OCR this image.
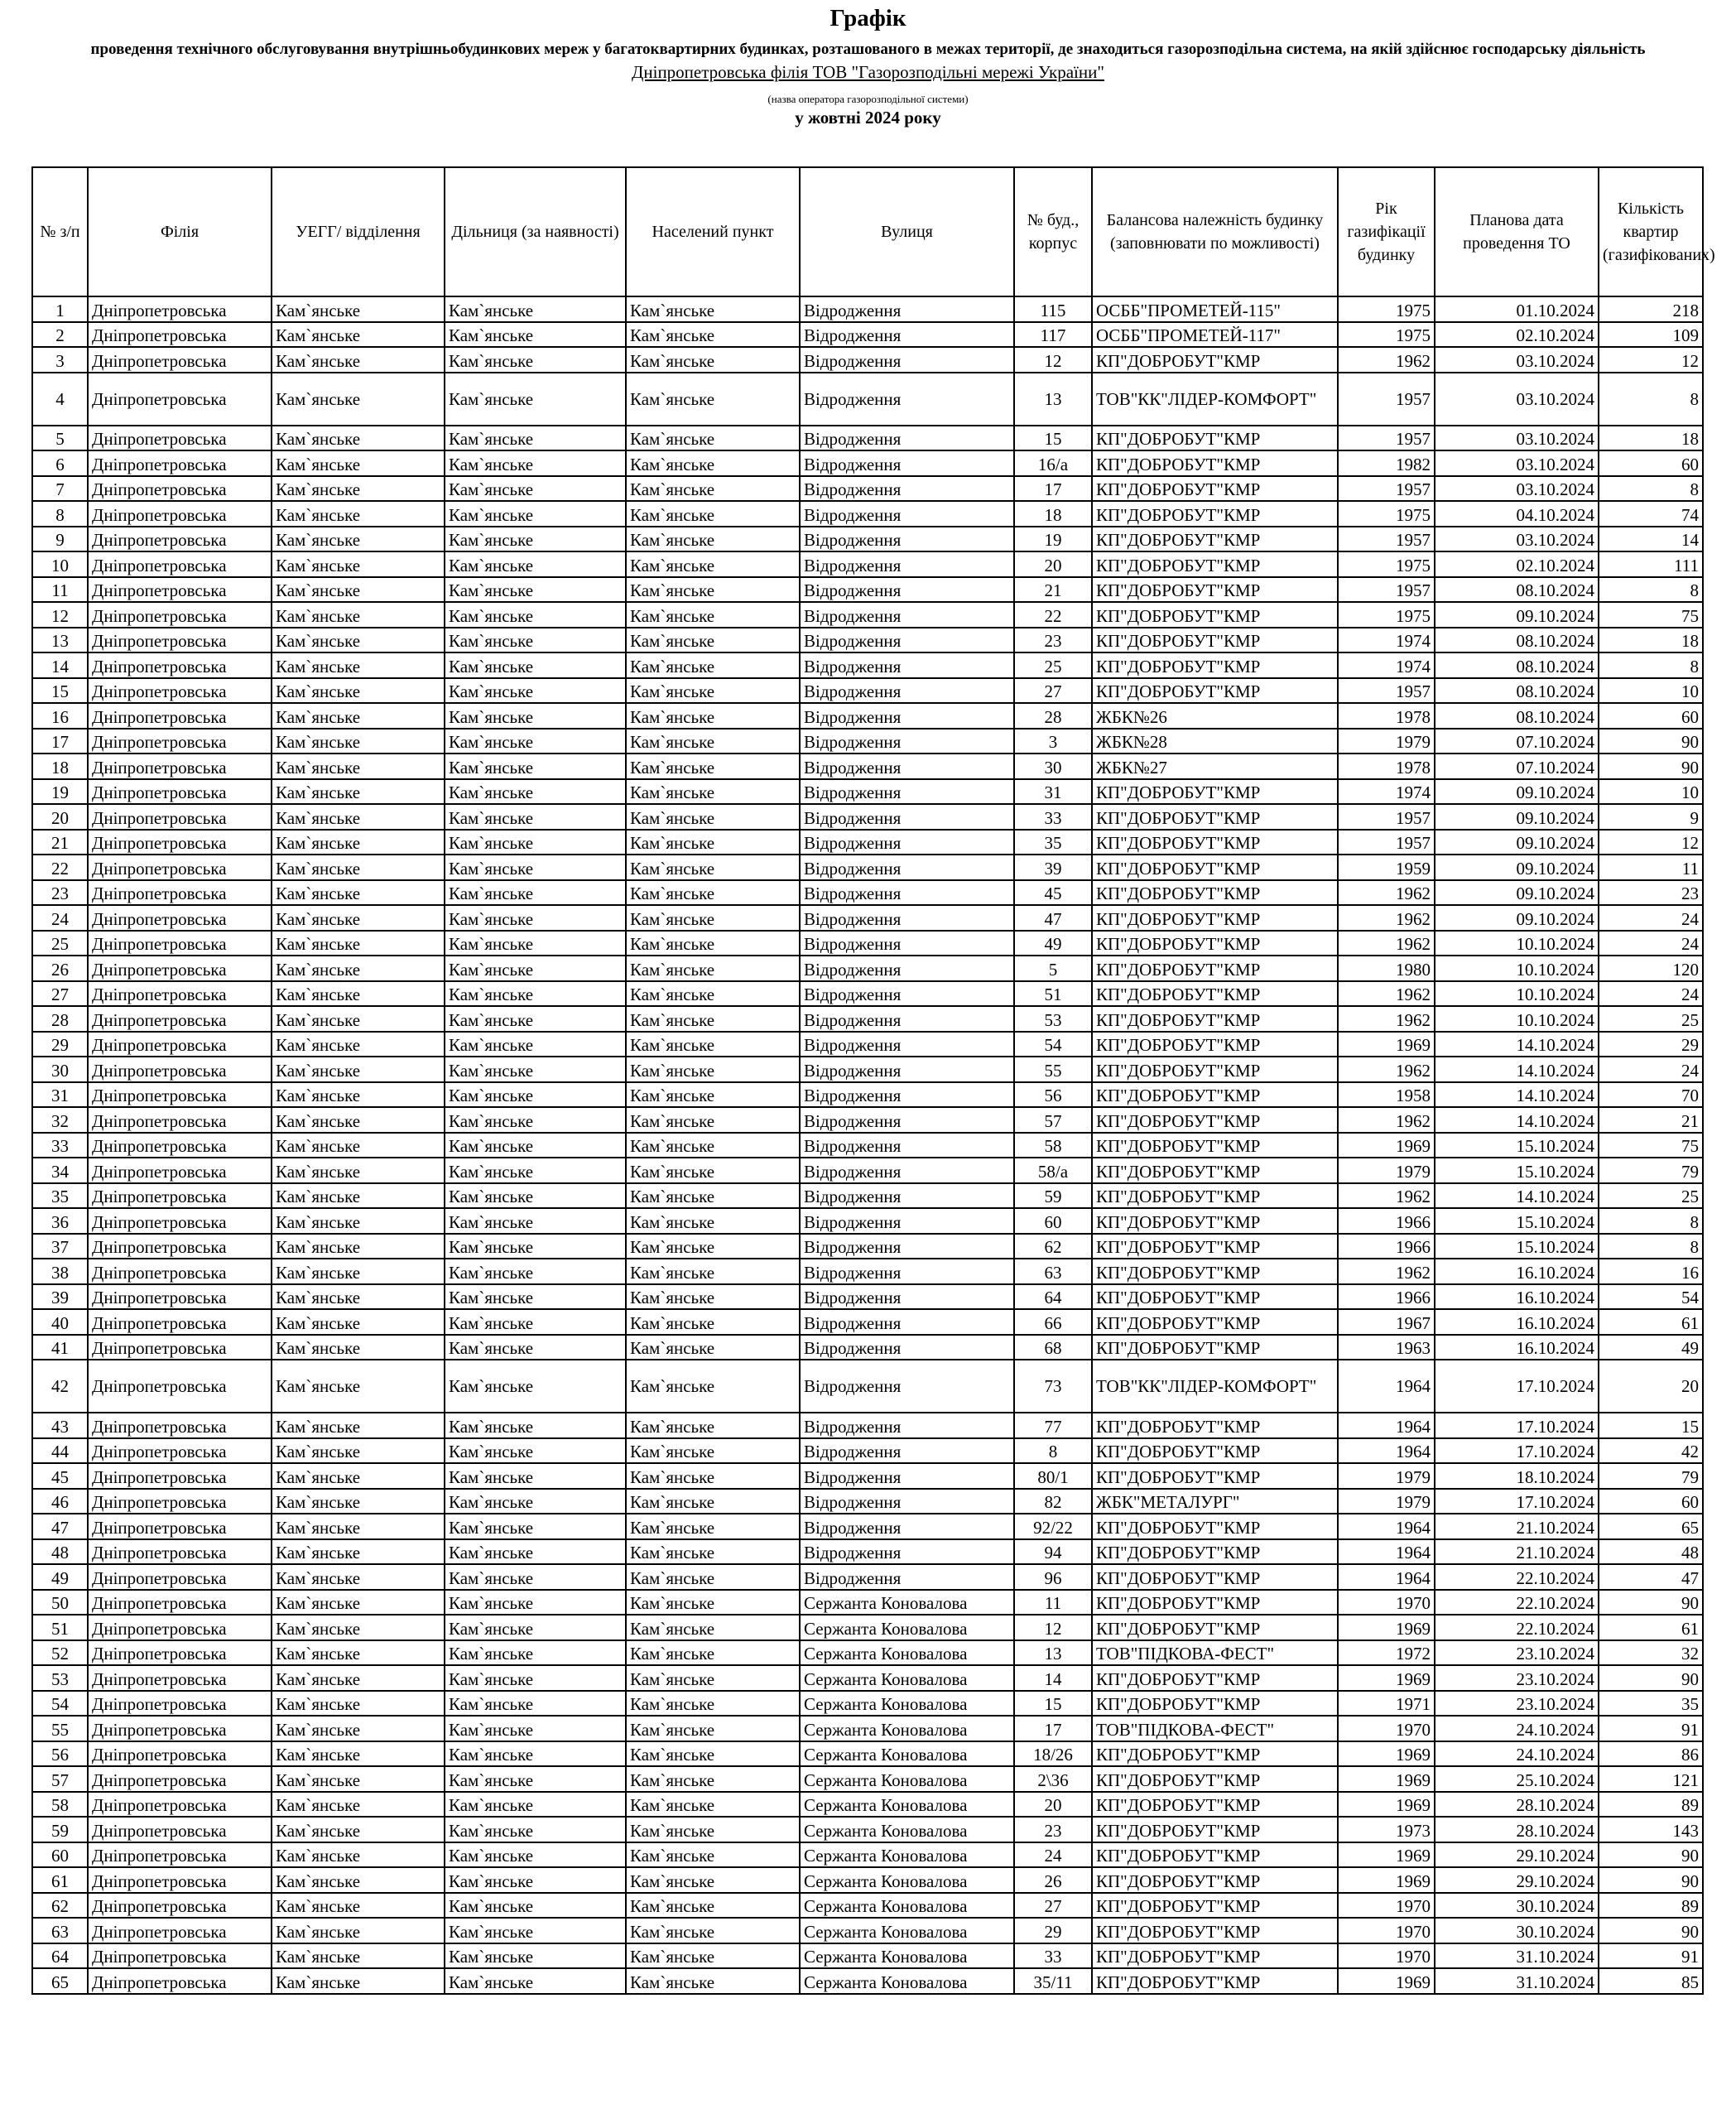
Графік
проведення технічного обслуговування внутрішньобудинкових мереж у багатоквартирних будинках, розташованого в межах території, де знаходиться газорозподільна система, на якій здійснює господарську діяльність
Дніпропетровська філія ТОВ "Газорозподільні мережі України"
(назва оператора газорозподільної системи)
у жовтні 2024 року
№ з/п	Філія	УЕГГ/ відділення	Дільниця (за наявності)	Населений пункт	Вулиця	№ буд., корпус	Балансова належність будинку (заповнювати по можливості)	Рік газифікації будинку	Планова дата проведення ТО	Кількість квартир (газифікованих)
1	Дніпропетровська	Кам`янське	Кам`янське	Кам`янське	Відродження	115	ОСББ"ПРОМЕТЕЙ-115"	1975	01.10.2024	218
2	Дніпропетровська	Кам`янське	Кам`янське	Кам`янське	Відродження	117	ОСББ"ПРОМЕТЕЙ-117"	1975	02.10.2024	109
3	Дніпропетровська	Кам`янське	Кам`янське	Кам`янське	Відродження	12	КП"ДОБРОБУТ"КМР	1962	03.10.2024	12
4	Дніпропетровська	Кам`янське	Кам`янське	Кам`янське	Відродження	13	ТОВ"КК"ЛІДЕР-КОМФОРТ"	1957	03.10.2024	8
5	Дніпропетровська	Кам`янське	Кам`янське	Кам`янське	Відродження	15	КП"ДОБРОБУТ"КМР	1957	03.10.2024	18
6	Дніпропетровська	Кам`янське	Кам`янське	Кам`янське	Відродження	16/а	КП"ДОБРОБУТ"КМР	1982	03.10.2024	60
7	Дніпропетровська	Кам`янське	Кам`янське	Кам`янське	Відродження	17	КП"ДОБРОБУТ"КМР	1957	03.10.2024	8
8	Дніпропетровська	Кам`янське	Кам`янське	Кам`янське	Відродження	18	КП"ДОБРОБУТ"КМР	1975	04.10.2024	74
9	Дніпропетровська	Кам`янське	Кам`янське	Кам`янське	Відродження	19	КП"ДОБРОБУТ"КМР	1957	03.10.2024	14
10	Дніпропетровська	Кам`янське	Кам`янське	Кам`янське	Відродження	20	КП"ДОБРОБУТ"КМР	1975	02.10.2024	111
11	Дніпропетровська	Кам`янське	Кам`янське	Кам`янське	Відродження	21	КП"ДОБРОБУТ"КМР	1957	08.10.2024	8
12	Дніпропетровська	Кам`янське	Кам`янське	Кам`янське	Відродження	22	КП"ДОБРОБУТ"КМР	1975	09.10.2024	75
13	Дніпропетровська	Кам`янське	Кам`янське	Кам`янське	Відродження	23	КП"ДОБРОБУТ"КМР	1974	08.10.2024	18
14	Дніпропетровська	Кам`янське	Кам`янське	Кам`янське	Відродження	25	КП"ДОБРОБУТ"КМР	1974	08.10.2024	8
15	Дніпропетровська	Кам`янське	Кам`янське	Кам`янське	Відродження	27	КП"ДОБРОБУТ"КМР	1957	08.10.2024	10
16	Дніпропетровська	Кам`янське	Кам`янське	Кам`янське	Відродження	28	ЖБК№26	1978	08.10.2024	60
17	Дніпропетровська	Кам`янське	Кам`янське	Кам`янське	Відродження	3	ЖБК№28	1979	07.10.2024	90
18	Дніпропетровська	Кам`янське	Кам`янське	Кам`янське	Відродження	30	ЖБК№27	1978	07.10.2024	90
19	Дніпропетровська	Кам`янське	Кам`янське	Кам`янське	Відродження	31	КП"ДОБРОБУТ"КМР	1974	09.10.2024	10
20	Дніпропетровська	Кам`янське	Кам`янське	Кам`янське	Відродження	33	КП"ДОБРОБУТ"КМР	1957	09.10.2024	9
21	Дніпропетровська	Кам`янське	Кам`янське	Кам`янське	Відродження	35	КП"ДОБРОБУТ"КМР	1957	09.10.2024	12
22	Дніпропетровська	Кам`янське	Кам`янське	Кам`янське	Відродження	39	КП"ДОБРОБУТ"КМР	1959	09.10.2024	11
23	Дніпропетровська	Кам`янське	Кам`янське	Кам`янське	Відродження	45	КП"ДОБРОБУТ"КМР	1962	09.10.2024	23
24	Дніпропетровська	Кам`янське	Кам`янське	Кам`янське	Відродження	47	КП"ДОБРОБУТ"КМР	1962	09.10.2024	24
25	Дніпропетровська	Кам`янське	Кам`янське	Кам`янське	Відродження	49	КП"ДОБРОБУТ"КМР	1962	10.10.2024	24
26	Дніпропетровська	Кам`янське	Кам`янське	Кам`янське	Відродження	5	КП"ДОБРОБУТ"КМР	1980	10.10.2024	120
27	Дніпропетровська	Кам`янське	Кам`янське	Кам`янське	Відродження	51	КП"ДОБРОБУТ"КМР	1962	10.10.2024	24
28	Дніпропетровська	Кам`янське	Кам`янське	Кам`янське	Відродження	53	КП"ДОБРОБУТ"КМР	1962	10.10.2024	25
29	Дніпропетровська	Кам`янське	Кам`янське	Кам`янське	Відродження	54	КП"ДОБРОБУТ"КМР	1969	14.10.2024	29
30	Дніпропетровська	Кам`янське	Кам`янське	Кам`янське	Відродження	55	КП"ДОБРОБУТ"КМР	1962	14.10.2024	24
31	Дніпропетровська	Кам`янське	Кам`янське	Кам`янське	Відродження	56	КП"ДОБРОБУТ"КМР	1958	14.10.2024	70
32	Дніпропетровська	Кам`янське	Кам`янське	Кам`янське	Відродження	57	КП"ДОБРОБУТ"КМР	1962	14.10.2024	21
33	Дніпропетровська	Кам`янське	Кам`янське	Кам`янське	Відродження	58	КП"ДОБРОБУТ"КМР	1969	15.10.2024	75
34	Дніпропетровська	Кам`янське	Кам`янське	Кам`янське	Відродження	58/а	КП"ДОБРОБУТ"КМР	1979	15.10.2024	79
35	Дніпропетровська	Кам`янське	Кам`янське	Кам`янське	Відродження	59	КП"ДОБРОБУТ"КМР	1962	14.10.2024	25
36	Дніпропетровська	Кам`янське	Кам`янське	Кам`янське	Відродження	60	КП"ДОБРОБУТ"КМР	1966	15.10.2024	8
37	Дніпропетровська	Кам`янське	Кам`янське	Кам`янське	Відродження	62	КП"ДОБРОБУТ"КМР	1966	15.10.2024	8
38	Дніпропетровська	Кам`янське	Кам`янське	Кам`янське	Відродження	63	КП"ДОБРОБУТ"КМР	1962	16.10.2024	16
39	Дніпропетровська	Кам`янське	Кам`янське	Кам`янське	Відродження	64	КП"ДОБРОБУТ"КМР	1966	16.10.2024	54
40	Дніпропетровська	Кам`янське	Кам`янське	Кам`янське	Відродження	66	КП"ДОБРОБУТ"КМР	1967	16.10.2024	61
41	Дніпропетровська	Кам`янське	Кам`янське	Кам`янське	Відродження	68	КП"ДОБРОБУТ"КМР	1963	16.10.2024	49
42	Дніпропетровська	Кам`янське	Кам`янське	Кам`янське	Відродження	73	ТОВ"КК"ЛІДЕР-КОМФОРТ"	1964	17.10.2024	20
43	Дніпропетровська	Кам`янське	Кам`янське	Кам`янське	Відродження	77	КП"ДОБРОБУТ"КМР	1964	17.10.2024	15
44	Дніпропетровська	Кам`янське	Кам`янське	Кам`янське	Відродження	8	КП"ДОБРОБУТ"КМР	1964	17.10.2024	42
45	Дніпропетровська	Кам`янське	Кам`янське	Кам`янське	Відродження	80/1	КП"ДОБРОБУТ"КМР	1979	18.10.2024	79
46	Дніпропетровська	Кам`янське	Кам`янське	Кам`янське	Відродження	82	ЖБК"МЕТАЛУРГ"	1979	17.10.2024	60
47	Дніпропетровська	Кам`янське	Кам`янське	Кам`янське	Відродження	92/22	КП"ДОБРОБУТ"КМР	1964	21.10.2024	65
48	Дніпропетровська	Кам`янське	Кам`янське	Кам`янське	Відродження	94	КП"ДОБРОБУТ"КМР	1964	21.10.2024	48
49	Дніпропетровська	Кам`янське	Кам`янське	Кам`янське	Відродження	96	КП"ДОБРОБУТ"КМР	1964	22.10.2024	47
50	Дніпропетровська	Кам`янське	Кам`янське	Кам`янське	Сержанта Коновалова	11	КП"ДОБРОБУТ"КМР	1970	22.10.2024	90
51	Дніпропетровська	Кам`янське	Кам`янське	Кам`янське	Сержанта Коновалова	12	КП"ДОБРОБУТ"КМР	1969	22.10.2024	61
52	Дніпропетровська	Кам`янське	Кам`янське	Кам`янське	Сержанта Коновалова	13	ТОВ"ПІДКОВА-ФЕСТ"	1972	23.10.2024	32
53	Дніпропетровська	Кам`янське	Кам`янське	Кам`янське	Сержанта Коновалова	14	КП"ДОБРОБУТ"КМР	1969	23.10.2024	90
54	Дніпропетровська	Кам`янське	Кам`янське	Кам`янське	Сержанта Коновалова	15	КП"ДОБРОБУТ"КМР	1971	23.10.2024	35
55	Дніпропетровська	Кам`янське	Кам`янське	Кам`янське	Сержанта Коновалова	17	ТОВ"ПІДКОВА-ФЕСТ"	1970	24.10.2024	91
56	Дніпропетровська	Кам`янське	Кам`янське	Кам`янське	Сержанта Коновалова	18/26	КП"ДОБРОБУТ"КМР	1969	24.10.2024	86
57	Дніпропетровська	Кам`янське	Кам`янське	Кам`янське	Сержанта Коновалова	2\36	КП"ДОБРОБУТ"КМР	1969	25.10.2024	121
58	Дніпропетровська	Кам`янське	Кам`янське	Кам`янське	Сержанта Коновалова	20	КП"ДОБРОБУТ"КМР	1969	28.10.2024	89
59	Дніпропетровська	Кам`янське	Кам`янське	Кам`янське	Сержанта Коновалова	23	КП"ДОБРОБУТ"КМР	1973	28.10.2024	143
60	Дніпропетровська	Кам`янське	Кам`янське	Кам`янське	Сержанта Коновалова	24	КП"ДОБРОБУТ"КМР	1969	29.10.2024	90
61	Дніпропетровська	Кам`янське	Кам`янське	Кам`янське	Сержанта Коновалова	26	КП"ДОБРОБУТ"КМР	1969	29.10.2024	90
62	Дніпропетровська	Кам`янське	Кам`янське	Кам`янське	Сержанта Коновалова	27	КП"ДОБРОБУТ"КМР	1970	30.10.2024	89
63	Дніпропетровська	Кам`янське	Кам`янське	Кам`янське	Сержанта Коновалова	29	КП"ДОБРОБУТ"КМР	1970	30.10.2024	90
64	Дніпропетровська	Кам`янське	Кам`янське	Кам`янське	Сержанта Коновалова	33	КП"ДОБРОБУТ"КМР	1970	31.10.2024	91
65	Дніпропетровська	Кам`янське	Кам`янське	Кам`янське	Сержанта Коновалова	35/11	КП"ДОБРОБУТ"КМР	1969	31.10.2024	85
